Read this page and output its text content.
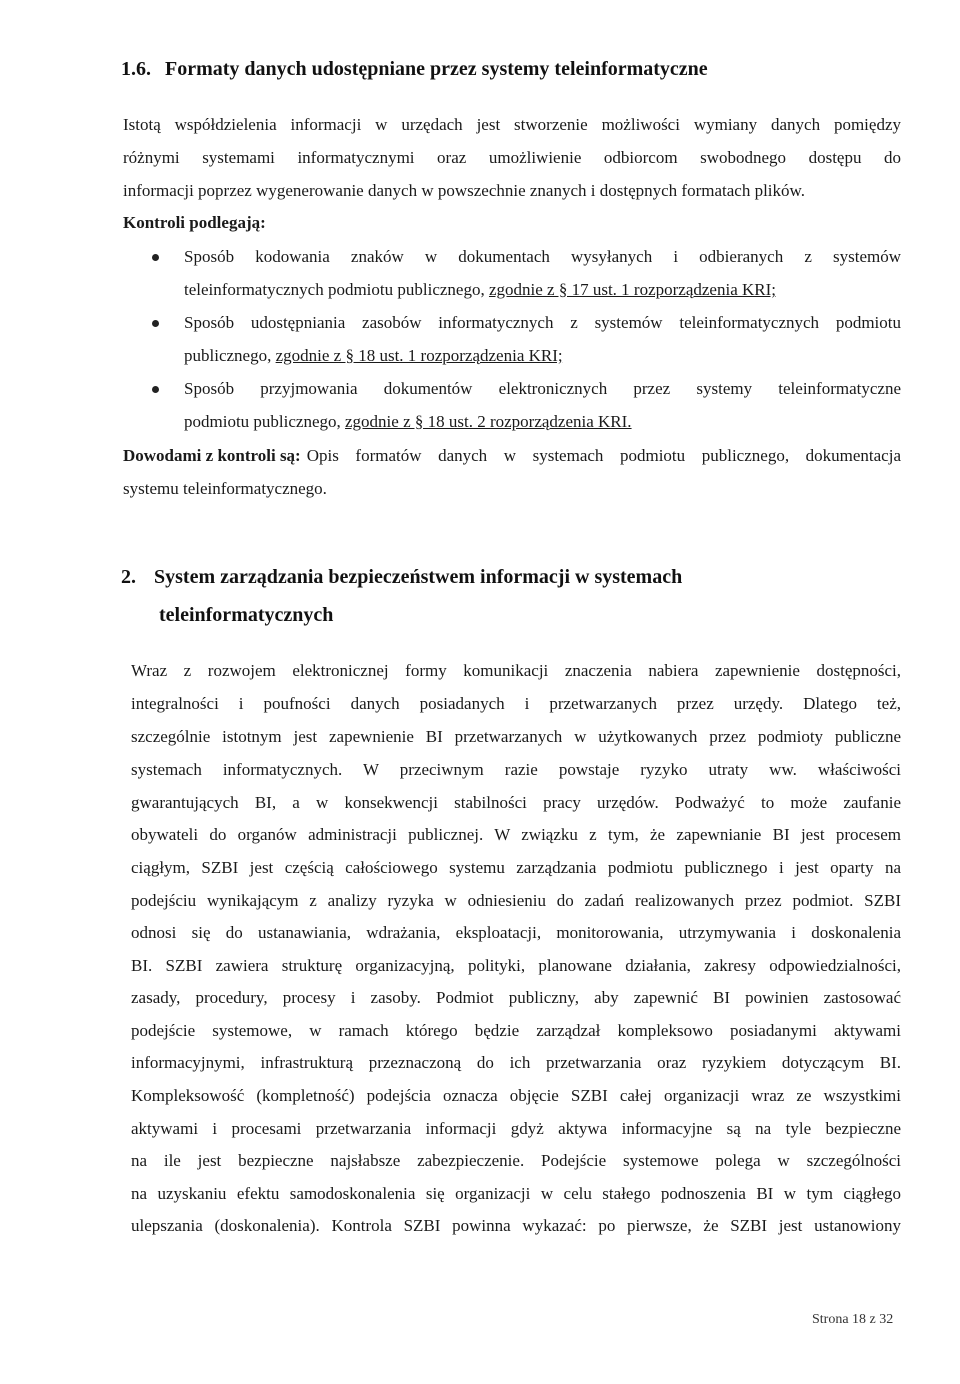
1.6. Formaty danych udostępniane przez systemy teleinformatyczne
Istotą współdzielenia informacji w urzędach jest stworzenie możliwości wymiany danych pomiędzy
różnymi systemami informatycznymi oraz umożliwienie odbiorcom swobodnego dostępu do
informacji poprzez wygenerowanie danych w powszechnie znanych i dostępnych formatach plików.
Kontroli podlegają:
Sposób kodowania znaków w dokumentach wysyłanych i odbieranych z systemów
teleinformatycznych podmiotu publicznego, zgodnie z § 17 ust. 1 rozporządzenia KRI;
Sposób udostępniania zasobów informatycznych z systemów teleinformatycznych podmiotu
publicznego, zgodnie z § 18 ust. 1 rozporządzenia KRI;
Sposób przyjmowania dokumentów elektronicznych przez systemy teleinformatyczne
podmiotu publicznego, zgodnie z § 18 ust. 2 rozporządzenia KRI.
Dowodami z kontroli są: Opis formatów danych w systemach podmiotu publicznego, dokumentacja
systemu teleinformatycznego.
2. System zarządzania bezpieczeństwem informacji w systemach
teleinformatycznych
Wraz z rozwojem elektronicznej formy komunikacji znaczenia nabiera zapewnienie dostępności,
integralności i poufności danych posiadanych i przetwarzanych przez urzędy. Dlatego też,
szczególnie istotnym jest zapewnienie BI przetwarzanych w użytkowanych przez podmioty publiczne
systemach informatycznych. W przeciwnym razie powstaje ryzyko utraty ww. właściwości
gwarantujących BI, a w konsekwencji stabilności pracy urzędów. Podważyć to może zaufanie
obywateli do organów administracji publicznej. W związku z tym, że zapewnianie BI jest procesem
ciągłym, SZBI jest częścią całościowego systemu zarządzania podmiotu publicznego i jest oparty na
podejściu wynikającym z analizy ryzyka w odniesieniu do zadań realizowanych przez podmiot. SZBI
odnosi się do ustanawiania, wdrażania, eksploatacji, monitorowania, utrzymywania i doskonalenia
BI. SZBI zawiera strukturę organizacyjną, polityki, planowane działania, zakresy odpowiedzialności,
zasady, procedury, procesy i zasoby. Podmiot publiczny, aby zapewnić BI powinien zastosować
podejście systemowe, w ramach którego będzie zarządzał kompleksowo posiadanymi aktywami
informacyjnymi, infrastrukturą przeznaczoną do ich przetwarzania oraz ryzykiem dotyczącym BI.
Kompleksowość (kompletność) podejścia oznacza objęcie SZBI całej organizacji wraz ze wszystkimi
aktywami i procesami przetwarzania informacji gdyż aktywa informacyjne są na tyle bezpieczne
na ile jest bezpieczne najsłabsze zabezpieczenie. Podejście systemowe polega w szczególności
na uzyskaniu efektu samodoskonalenia się organizacji w celu stałego podnoszenia BI w tym ciągłego
ulepszania (doskonalenia). Kontrola SZBI powinna wykazać: po pierwsze, że SZBI jest ustanowiony
Strona 18 z 32
